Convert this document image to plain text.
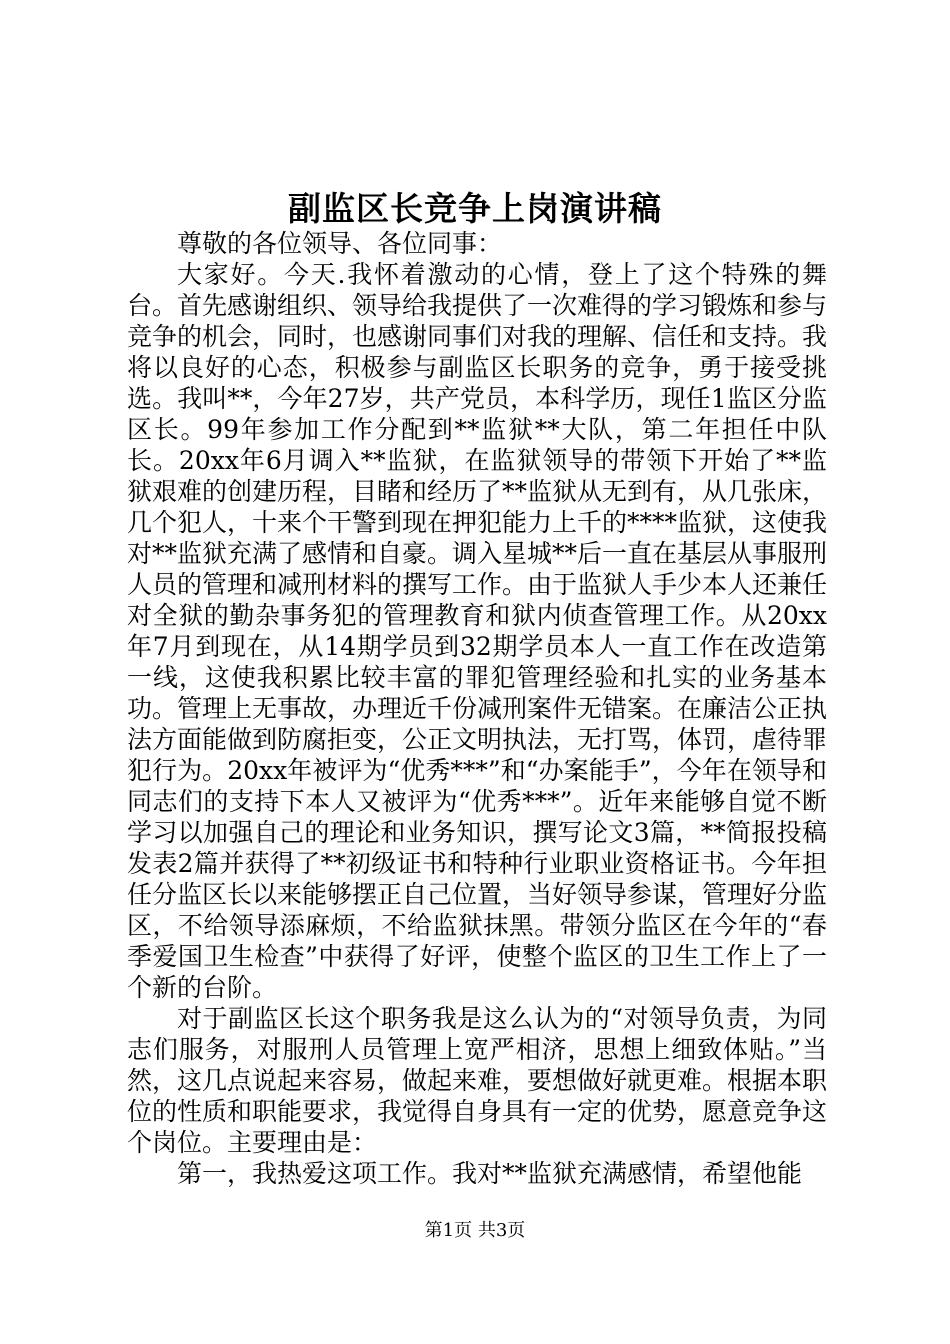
副监区长竞争上岗演讲稿

尊敬的各位领导、各位同事：

大家好。今天.我怀着激动的心情，登上了这个特殊的舞台。首先感谢组织、领导给我提供了一次难得的学习锻炼和参与竞争的机会，同时，也感谢同事们对我的理解、信任和支持。我将以良好的心态，积极参与副监区长职务的竞争，勇于接受挑选。我叫**，今年27岁，共产党员，本科学历，现任1监区分监区长。99年参加工作分配到**监狱**大队，第二年担任中队长。20xx年6月调入**监狱，在监狱领导的带领下开始了**监狱艰难的创建历程，目睹和经历了**监狱从无到有，从几张床，几个犯人，十来个干警到现在押犯能力上千的****监狱，这使我对**监狱充满了感情和自豪。调入星城**后一直在基层从事服刑人员的管理和减刑材料的撰写工作。由于监狱人手少本人还兼任对全狱的勤杂事务犯的管理教育和狱内侦查管理工作。从20xx年7月到现在，从14期学员到32期学员本人一直工作在改造第一线，这使我积累比较丰富的罪犯管理经验和扎实的业务基本功。管理上无事故，办理近千份减刑案件无错案。在廉洁公正执法方面能做到防腐拒变，公正文明执法，无打骂，体罚，虐待罪犯行为。20xx年被评为“优秀***”和“办案能手”，今年在领导和同志们的支持下本人又被评为“优秀***”。近年来能够自觉不断学习以加强自己的理论和业务知识，撰写论文3篇，**简报投稿发表2篇并获得了**初级证书和特种行业职业资格证书。今年担任分监区长以来能够摆正自己位置，当好领导参谋，管理好分监区，不给领导添麻烦，不给监狱抹黑。带领分监区在今年的“春季爱国卫生检查”中获得了好评，使整个监区的卫生工作上了一个新的台阶。

对于副监区长这个职务我是这么认为的“对领导负责，为同志们服务，对服刑人员管理上宽严相济，思想上细致体贴。”当然，这几点说起来容易，做起来难，要想做好就更难。根据本职位的性质和职能要求，我觉得自身具有一定的优势，愿意竞争这个岗位。主要理由是：

第一，我热爱这项工作。我对**监狱充满感情，希望他能

第1页 共3页
